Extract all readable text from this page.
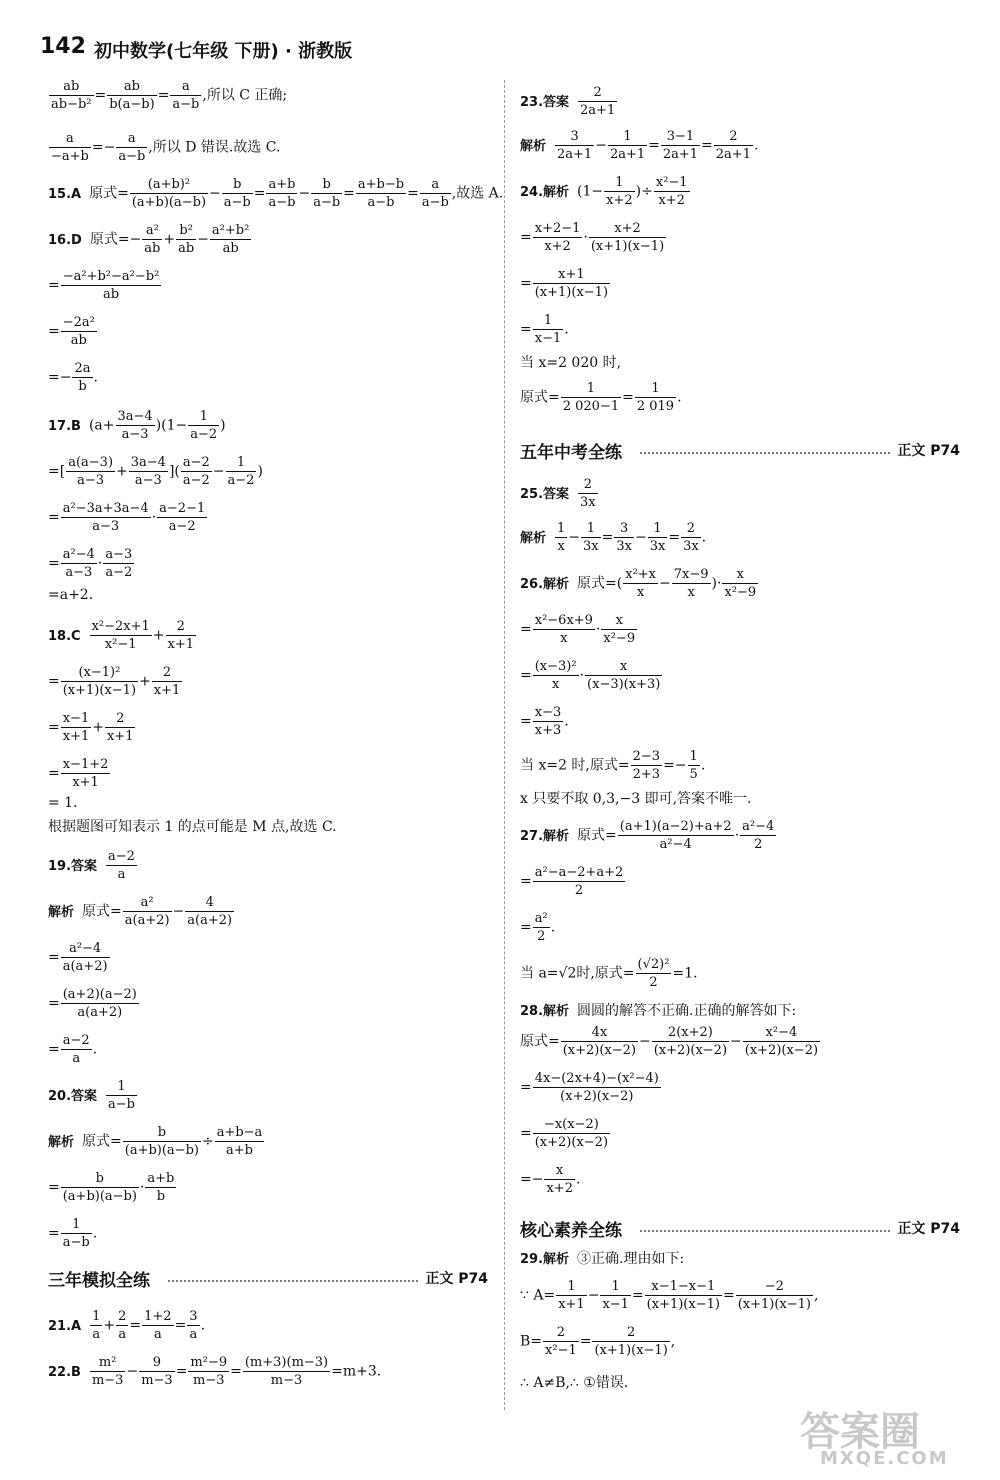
142 初中数学(七年级 下册) · 浙教版
$\frac{ab}{\text{ab−b²}} = \frac{ab}{b(a-b)} = \frac{a}{a-b}$ ,所以 C 正确;
$\frac{a}{-a+b} =- \frac{a}{a-b}$ ,所以 D 错误.故选 C.
15.A 原式= $\frac{\text{(a+b)²}}{(a+b)(a-b)} - \frac{b}{a-b} = \frac{a+b}{a-b} - \frac{b}{a-b} = \frac{a+b-b}{a-b} = \frac{a}{a-b}$ ,故选 A.
16.D 原式=− $\frac{\text{a²}}{ab} + \frac{\text{b²}}{ab} - \frac{\text{a²+b²}}{ab}$
= $\frac{\text{−a²+b²−a²−b²}}{ab}$
= $\frac{\text{−2a²}}{ab}$
=− $\frac{2a}{b}$ .
17.B $(a+ \frac{3a-4}{a-3} )(1- \frac{1}{a-2}$ )
=[ $\frac{a(a-3)}{a-3} + \frac{3a-4}{a-3}$ ]( $\frac{a-2}{a-2} - \frac{1}{a-2}$ )
= $\frac{\text{a²−3a+3a−4}}{a-3} \cdot \frac{a-2-1}{a-2}$
= $\frac{\text{a²−4}}{a-3} \cdot \frac{a-3}{a-2}$
=a+2.
$18.C \frac{\text{x²−2x+1}}{\text{x²−1}} + \frac{2}{x+1}$
= $\frac{\text{(x−1)²}}{(x+1)(x-1)} + \frac{2}{x+1}$
= $\frac{x-1}{x+1} + \frac{2}{x+1}$
= $\frac{x-1+2}{x+1}$
= 1.
根据题图可知表示 1 的点可能是 M 点,故选 C.
19.答案 $\frac{a-2}{a}$
解析 原式= $\frac{\text{a²}}{a(a+2)} - \frac{4}{a(a+2)}$
= $\frac{\text{a²−4}}{a(a+2)}$
= $\frac{(a+2)(a-2)}{a(a+2)}$
= $\frac{a-2}{a}$ .
20.答案 $\frac{1}{a-b}$
解析 原式= $\frac{b}{(a+b)(a-b)} \div \frac{a+b-a}{a+b}$
= $\frac{b}{(a+b)(a-b)} \cdot \frac{a+b}{b}$
= $\frac{1}{a-b}$ .
三年模拟全练	正文 P74
$21.A \frac{1}{a} + \frac{2}{a} = \frac{1+2}{a} = \frac{3}{a}$ .
$22.B \frac{\text{m²}}{m-3} - \frac{9}{m-3} = \frac{\text{m²−9}}{m-3} = \frac{(m+3)(m-3)}{m-3} =m+3$.
23.答案 $\frac{2}{2a+1}$
解析 $\frac{3}{2a+1} - \frac{1}{2a+1} = \frac{3-1}{2a+1} = \frac{2}{2a+1}$ .
24.解析 ($1- \frac{1}{x+2}$ )÷ $\frac{\text{x²−1}}{x+2}$
= $\frac{x+2-1}{x+2} \cdot \frac{x+2}{(x+1)(x-1)}$
= $\frac{x+1}{(x+1)(x-1)}$
= $\frac{1}{x-1}$ .
当 x=2 020 时,
原式= $\frac{1}{2 020-1} = \frac{1}{2 019}$ .
五年中考全练	正文 P74
25.答案 $\frac{2}{3x}$
解析 $\frac{1}{x} - \frac{1}{3x} = \frac{3}{3x} - \frac{1}{3x} = \frac{2}{3x}$ .
26.解析 原式=( $\frac{\text{x²+x}}{x} - \frac{7x-9}{x}$ )· $\frac{x}{\text{x²−9}}$
= $\frac{\text{x²−6x+9}}{x} \cdot \frac{x}{\text{x²−9}}$
= $\frac{\text{(x−3)²}}{x} \cdot \frac{x}{(x-3)(x+3)}$
= $\frac{x-3}{x+3}$ .
当 x=2 时,原式= $\frac{2-3}{2+3} =- \frac{1}{5}$ .
x 只要不取 0,3,−3 即可,答案不唯一.
27.解析 原式= $\frac{(a+1)(a-2)+a+2}{\text{a²−4}} \cdot \frac{\text{a²−4}}{2}$
= $\frac{\text{a²−a−2+a+2}}{2}$
= $\frac{\text{a²}}{2}$ .
当 a=√2时,原式= $\frac{\text{(√2)²}}{2} =1$.
28.解析 圆圆的解答不正确.正确的解答如下:
原式= $\frac{4x}{(x+2)(x-2)} - \frac{2(x+2)}{(x+2)(x-2)} - \frac{\text{x²−4}}{(x+2)(x-2)}$
= $\frac{\text{4x−(2x+4)−(x²−4)}}{(x+2)(x-2)}$
= $\frac{-x(x-2)}{(x+2)(x-2)}$
=− $\frac{x}{x+2}$ .
核心素养全练	正文 P74
29.解析 ③正确.理由如下:
∵ $A= \frac{1}{x+1} - \frac{1}{x-1} = \frac{x-1-x-1}{(x+1)(x-1)} = \frac{-2}{(x+1)(x-1)}$ ,
$B= \frac{2}{\text{x²−1}} = \frac{2}{(x+1)(x-1)}$ ,
∴ A≠B,∴ ①错误.
答案圈
MXQE.COM
